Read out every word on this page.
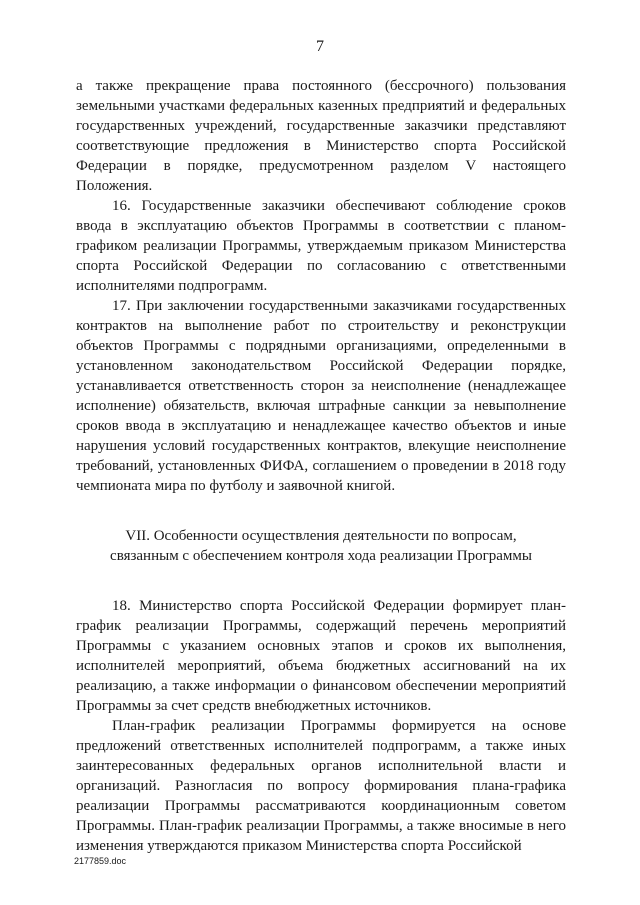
7

а также прекращение права постоянного (бессрочного) пользования земельными участками федеральных казенных предприятий и федеральных государственных учреждений, государственные заказчики представляют соответствующие предложения в Министерство спорта Российской Федерации в порядке, предусмотренном разделом V настоящего Положения.

16. Государственные заказчики обеспечивают соблюдение сроков ввода в эксплуатацию объектов Программы в соответствии с планом-графиком реализации Программы, утверждаемым приказом Министерства спорта Российской Федерации по согласованию с ответственными исполнителями подпрограмм.

17. При заключении государственными заказчиками государственных контрактов на выполнение работ по строительству и реконструкции объектов Программы с подрядными организациями, определенными в установленном законодательством Российской Федерации порядке, устанавливается ответственность сторон за неисполнение (ненадлежащее исполнение) обязательств, включая штрафные санкции за невыполнение сроков ввода в эксплуатацию и ненадлежащее качество объектов и иные нарушения условий государственных контрактов, влекущие неисполнение требований, установленных ФИФА, соглашением о проведении в 2018 году чемпионата мира по футболу и заявочной книгой.

VII. Особенности осуществления деятельности по вопросам,
связанным с обеспечением контроля хода реализации Программы

18. Министерство спорта Российской Федерации формирует план-график реализации Программы, содержащий перечень мероприятий Программы с указанием основных этапов и сроков их выполнения, исполнителей мероприятий, объема бюджетных ассигнований на их реализацию, а также информации о финансовом обеспечении мероприятий Программы за счет средств внебюджетных источников.

План-график реализации Программы формируется на основе предложений ответственных исполнителей подпрограмм, а также иных заинтересованных федеральных органов исполнительной власти и организаций. Разногласия по вопросу формирования плана-графика реализации Программы рассматриваются координационным советом Программы. План-график реализации Программы, а также вносимые в него изменения утверждаются приказом Министерства спорта Российской

2177859.doc
